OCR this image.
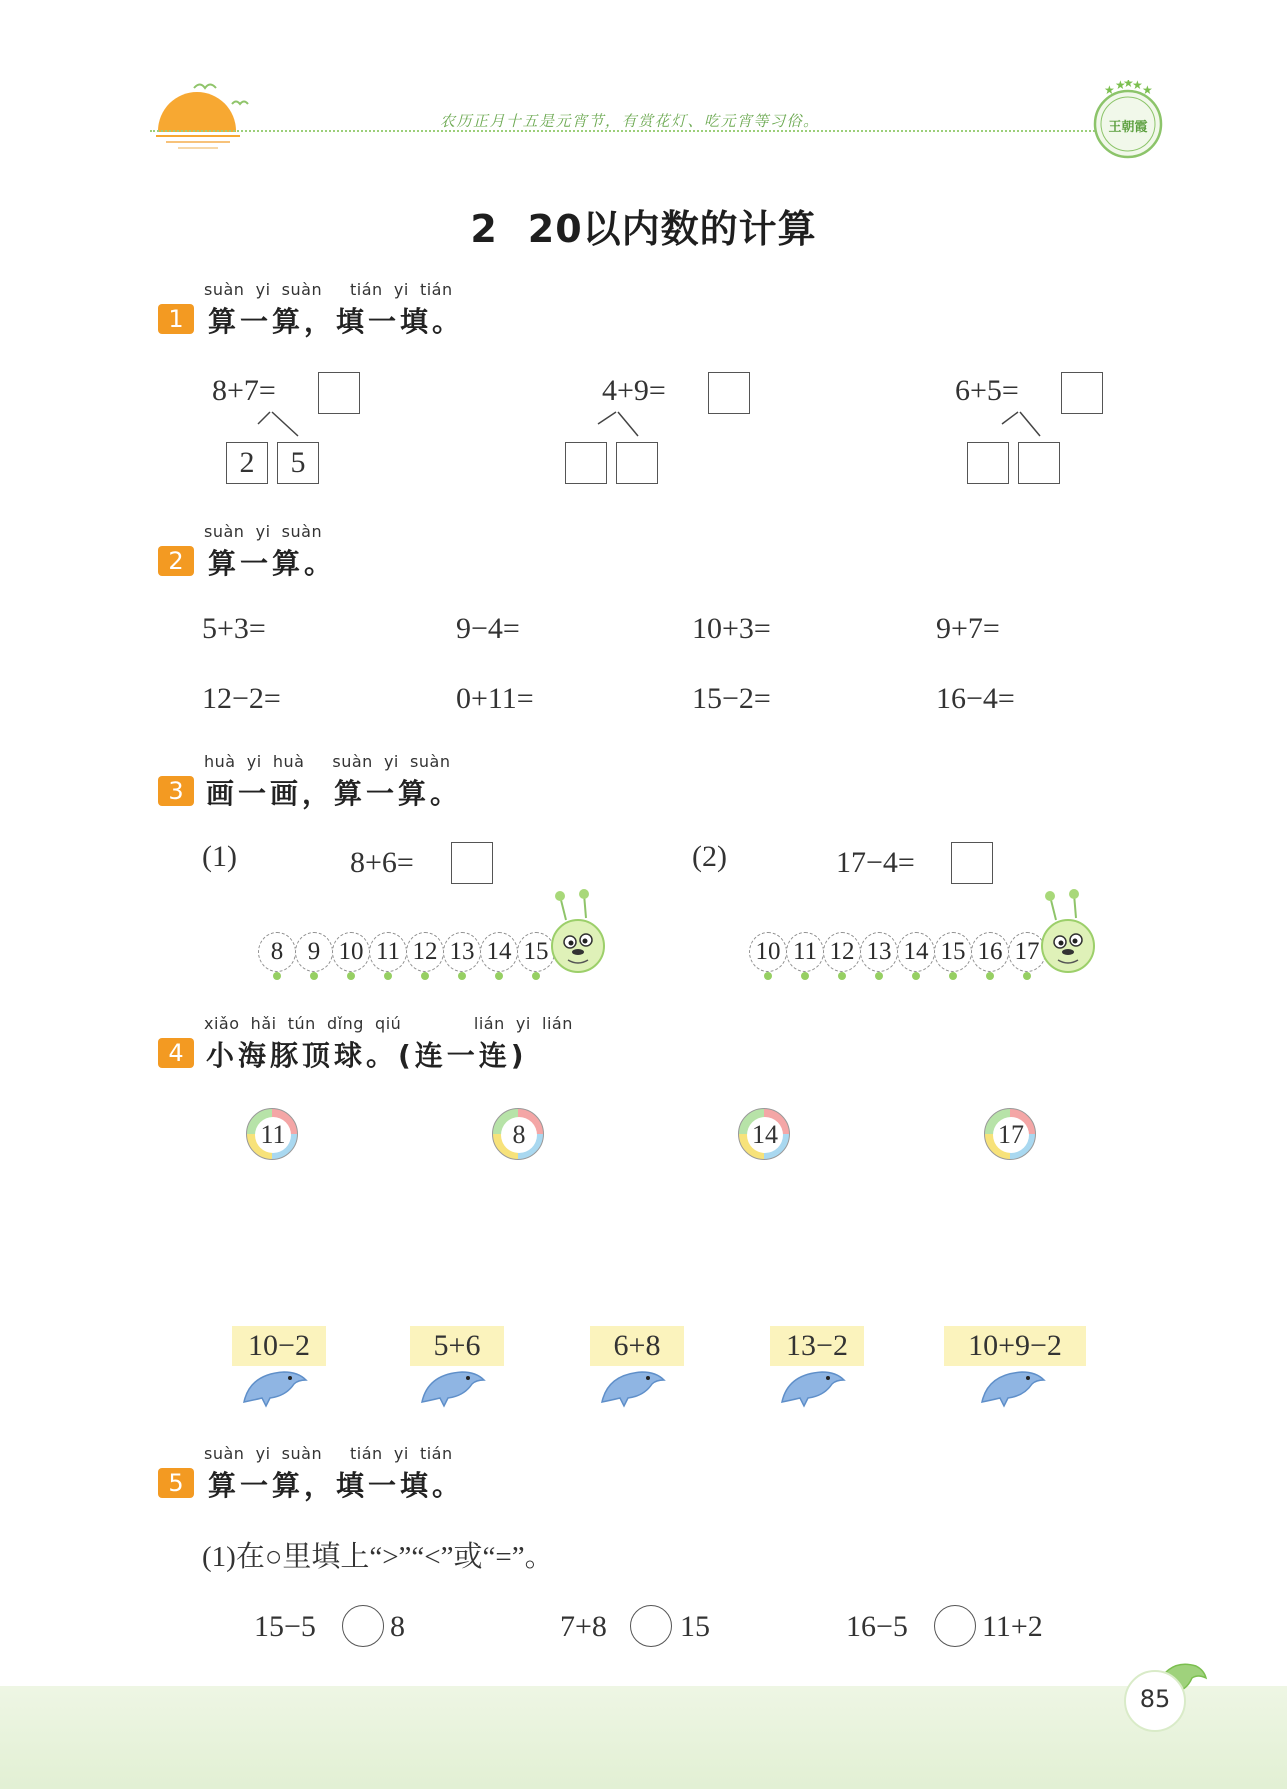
农历正月十五是元宵节，有赏花灯、吃元宵等习俗。
★ ★
★
★ ★
王朝霞
2 20以内数的计算
suàn  yi  suàn     tián  yi  tián
1 算一算，填一填。
8+7=
2	5
4+9=	6+5=
suàn  yi  suàn
2 算一算。
5+3=	9−4=	10+3=	9+7=
12−2=	0+11=	15−2=	16−4=
huà  yi  huà     suàn  yi  suàn
3 画一画，算一算。
(1)	8+6=
8 9 10 11 12 13 14 15
(2)	17−4=
10 11 12 13 14 15 16 17
xiǎo  hǎi  tún  dǐng  qiú             lián  yi  lián
4 小海豚顶球。(连一连)
11	8	14	17
10−2	5+6	6+8	13−2	10+9−2
suàn  yi  suàn     tián  yi  tián
5 算一算，填一填。
(1)在○里填上“>”“<”或“=”。
15−5 8	7+8 15	16−5 11+2
85
